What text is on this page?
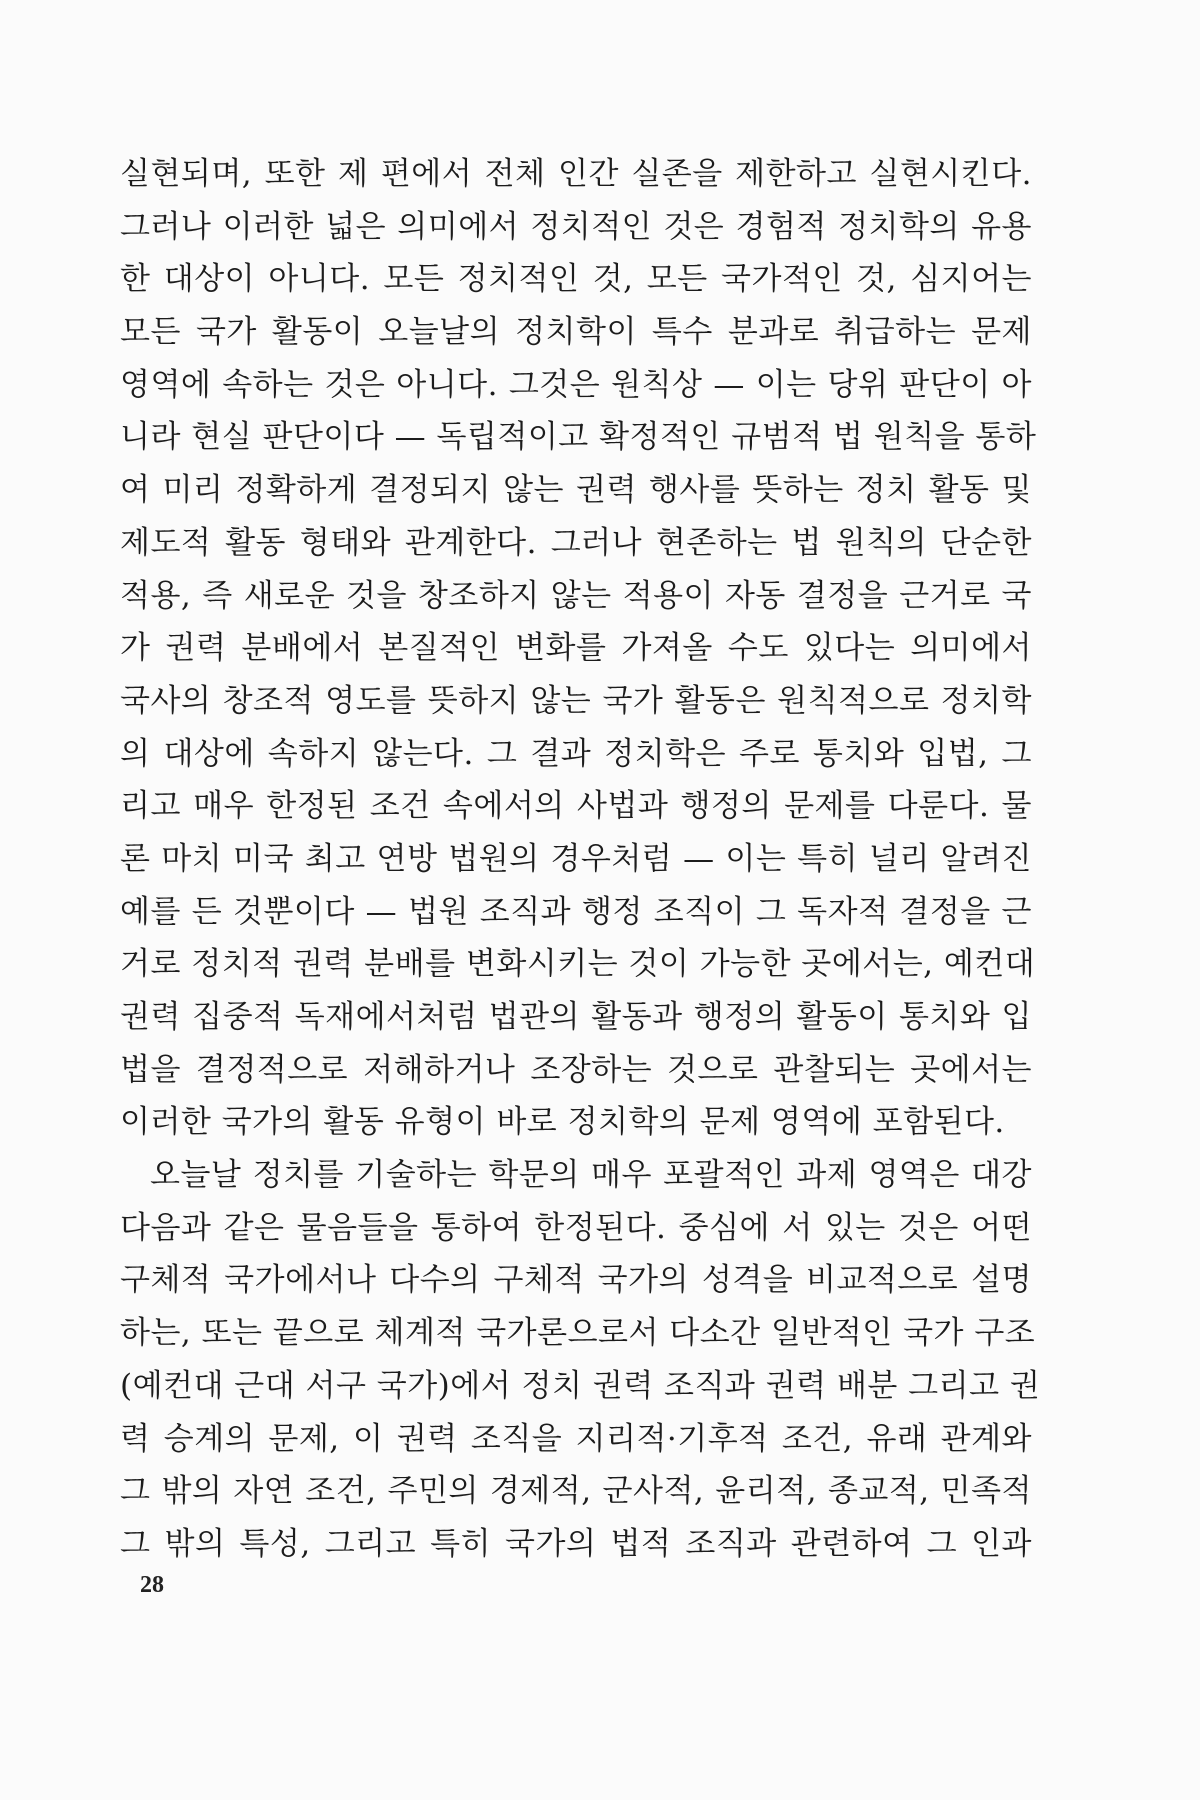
실현되며, 또한 제 편에서 전체 인간 실존을 제한하고 실현시킨다.
그러나 이러한 넓은 의미에서 정치적인 것은 경험적 정치학의 유용
한 대상이 아니다. 모든 정치적인 것, 모든 국가적인 것, 심지어는
모든 국가 활동이 오늘날의 정치학이 특수 분과로 취급하는 문제
영역에 속하는 것은 아니다. 그것은 원칙상 — 이는 당위 판단이 아
니라 현실 판단이다 — 독립적이고 확정적인 규범적 법 원칙을 통하
여 미리 정확하게 결정되지 않는 권력 행사를 뜻하는 정치 활동 및
제도적 활동 형태와 관계한다. 그러나 현존하는 법 원칙의 단순한
적용, 즉 새로운 것을 창조하지 않는 적용이 자동 결정을 근거로 국
가 권력 분배에서 본질적인 변화를 가져올 수도 있다는 의미에서
국사의 창조적 영도를 뜻하지 않는 국가 활동은 원칙적으로 정치학
의 대상에 속하지 않는다. 그 결과 정치학은 주로 통치와 입법, 그
리고 매우 한정된 조건 속에서의 사법과 행정의 문제를 다룬다. 물
론 마치 미국 최고 연방 법원의 경우처럼 — 이는 특히 널리 알려진
예를 든 것뿐이다 — 법원 조직과 행정 조직이 그 독자적 결정을 근
거로 정치적 권력 분배를 변화시키는 것이 가능한 곳에서는, 예컨대
권력 집중적 독재에서처럼 법관의 활동과 행정의 활동이 통치와 입
법을 결정적으로 저해하거나 조장하는 것으로 관찰되는 곳에서는
이러한 국가의 활동 유형이 바로 정치학의 문제 영역에 포함된다.
오늘날 정치를 기술하는 학문의 매우 포괄적인 과제 영역은 대강
다음과 같은 물음들을 통하여 한정된다. 중심에 서 있는 것은 어떤
구체적 국가에서나 다수의 구체적 국가의 성격을 비교적으로 설명
하는, 또는 끝으로 체계적 국가론으로서 다소간 일반적인 국가 구조
(예컨대 근대 서구 국가)에서 정치 권력 조직과 권력 배분 그리고 권
력 승계의 문제, 이 권력 조직을 지리적·기후적 조건, 유래 관계와
그 밖의 자연 조건, 주민의 경제적, 군사적, 윤리적, 종교적, 민족적
그 밖의 특성, 그리고 특히 국가의 법적 조직과 관련하여 그 인과
28
